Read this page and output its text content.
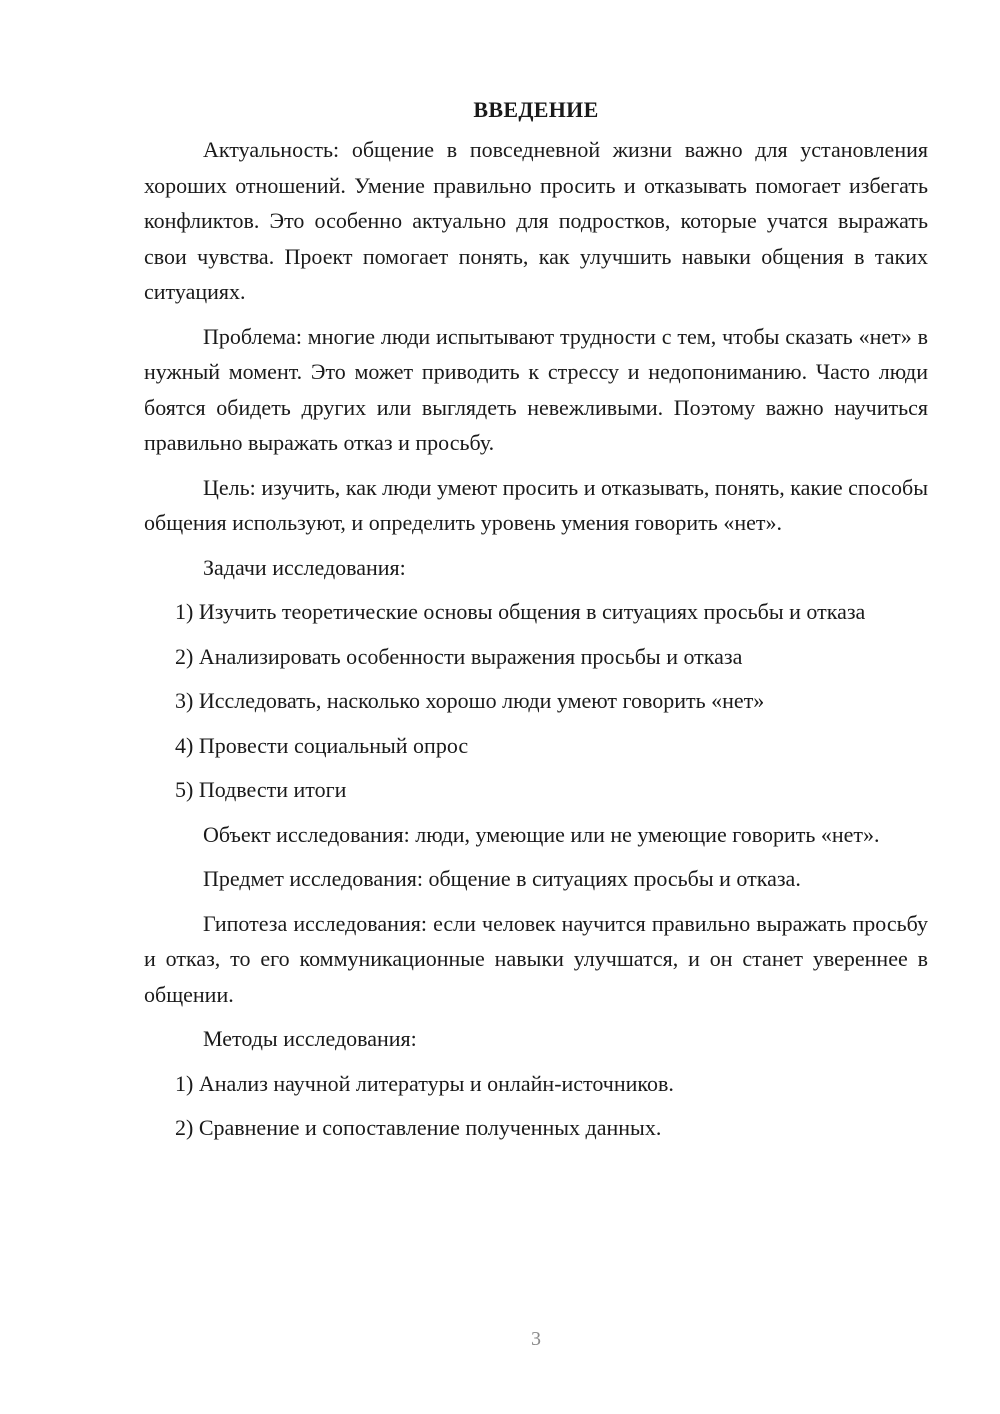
ВВЕДЕНИЕ

Актуальность: общение в повседневной жизни важно для установления хороших отношений. Умение правильно просить и отказывать помогает избегать конфликтов. Это особенно актуально для подростков, которые учатся выражать свои чувства. Проект помогает понять, как улучшить навыки общения в таких ситуациях.

Проблема: многие люди испытывают трудности с тем, чтобы сказать «нет» в нужный момент. Это может приводить к стрессу и недопониманию. Часто люди боятся обидеть других или выглядеть невежливыми. Поэтому важно научиться правильно выражать отказ и просьбу.

Цель: изучить, как люди умеют просить и отказывать, понять, какие способы общения используют, и определить уровень умения говорить «нет».

Задачи исследования:

1) Изучить теоретические основы общения в ситуациях просьбы и отказа

2) Анализировать особенности выражения просьбы и отказа

3) Исследовать, насколько хорошо люди умеют говорить «нет»

4) Провести социальный опрос

5) Подвести итоги

Объект исследования: люди, умеющие или не умеющие говорить «нет».

Предмет исследования: общение в ситуациях просьбы и отказа.

Гипотеза исследования: если человек научится правильно выражать просьбу и отказ, то его коммуникационные навыки улучшатся, и он станет увереннее в общении.

Методы исследования:

1) Анализ научной литературы и онлайн-источников.

2) Сравнение и сопоставление полученных данных.

3
